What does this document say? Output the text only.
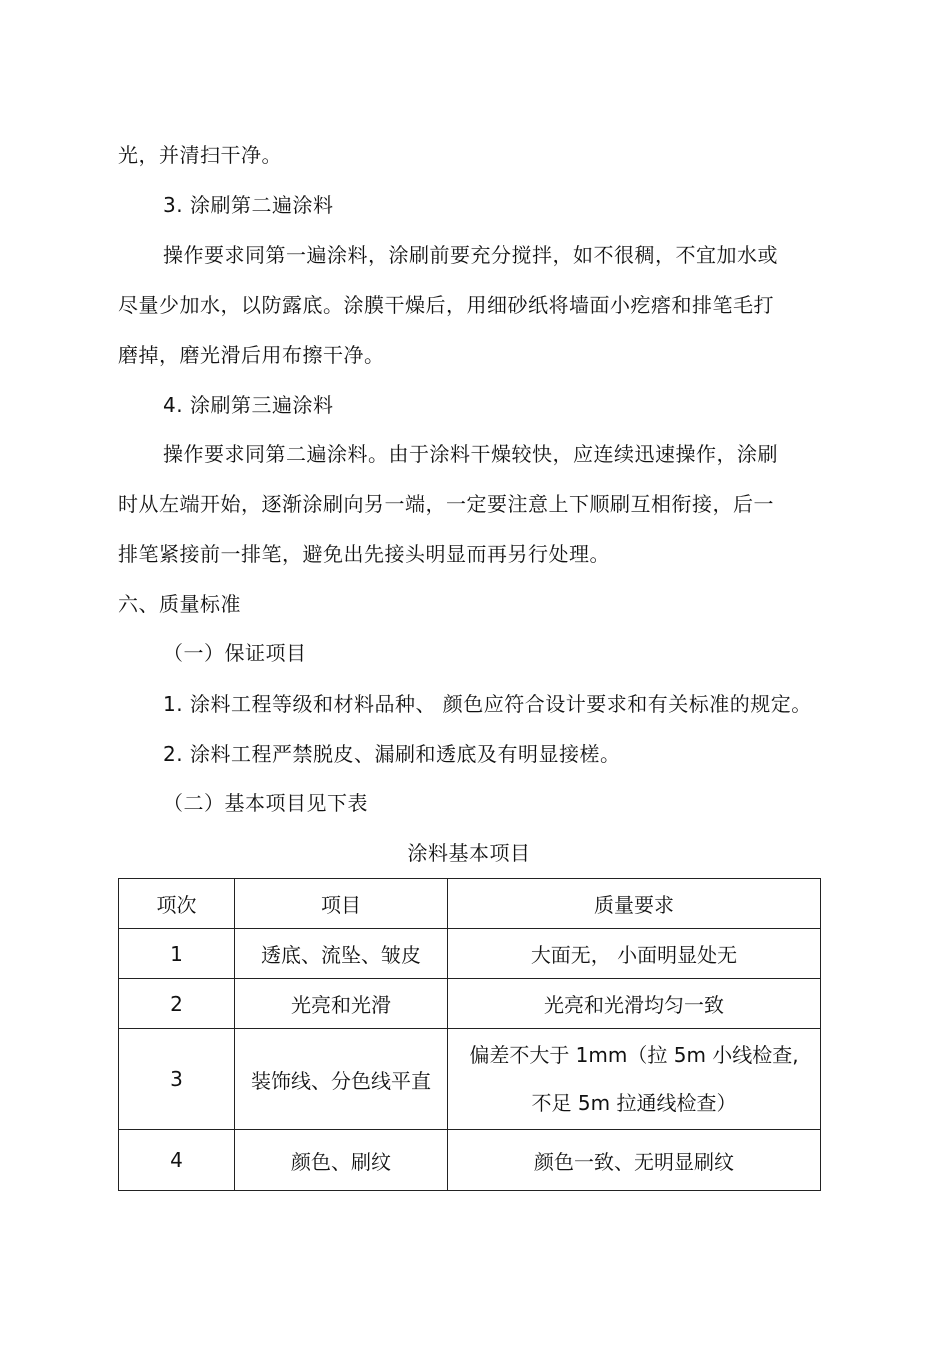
光，并清扫干净。
3. 涂刷第二遍涂料
操作要求同第一遍涂料，涂刷前要充分搅拌，如不很稠，不宜加水或
尽量少加水，以防露底。涂膜干燥后，用细砂纸将墙面小疙瘩和排笔毛打
磨掉，磨光滑后用布擦干净。
4. 涂刷第三遍涂料
操作要求同第二遍涂料。由于涂料干燥较快，应连续迅速操作，涂刷
时从左端开始，逐渐涂刷向另一端，一定要注意上下顺刷互相衔接，后一
排笔紧接前一排笔，避免出先接头明显而再另行处理。
六、质量标准
（一）保证项目
1. 涂料工程等级和材料品种、 颜色应符合设计要求和有关标准的规定。
2. 涂料工程严禁脱皮、漏刷和透底及有明显接槎。
（二）基本项目见下表
涂料基本项目
项次	项目	质量要求
1	透底、流坠、皱皮	大面无， 小面明显处无
2	光亮和光滑	光亮和光滑均匀一致
3	装饰线、分色线平直	偏差不大于 1mm（拉 5m 小线检查,
不足 5m 拉通线检查）

4	颜色、刷纹	颜色一致、无明显刷纹
